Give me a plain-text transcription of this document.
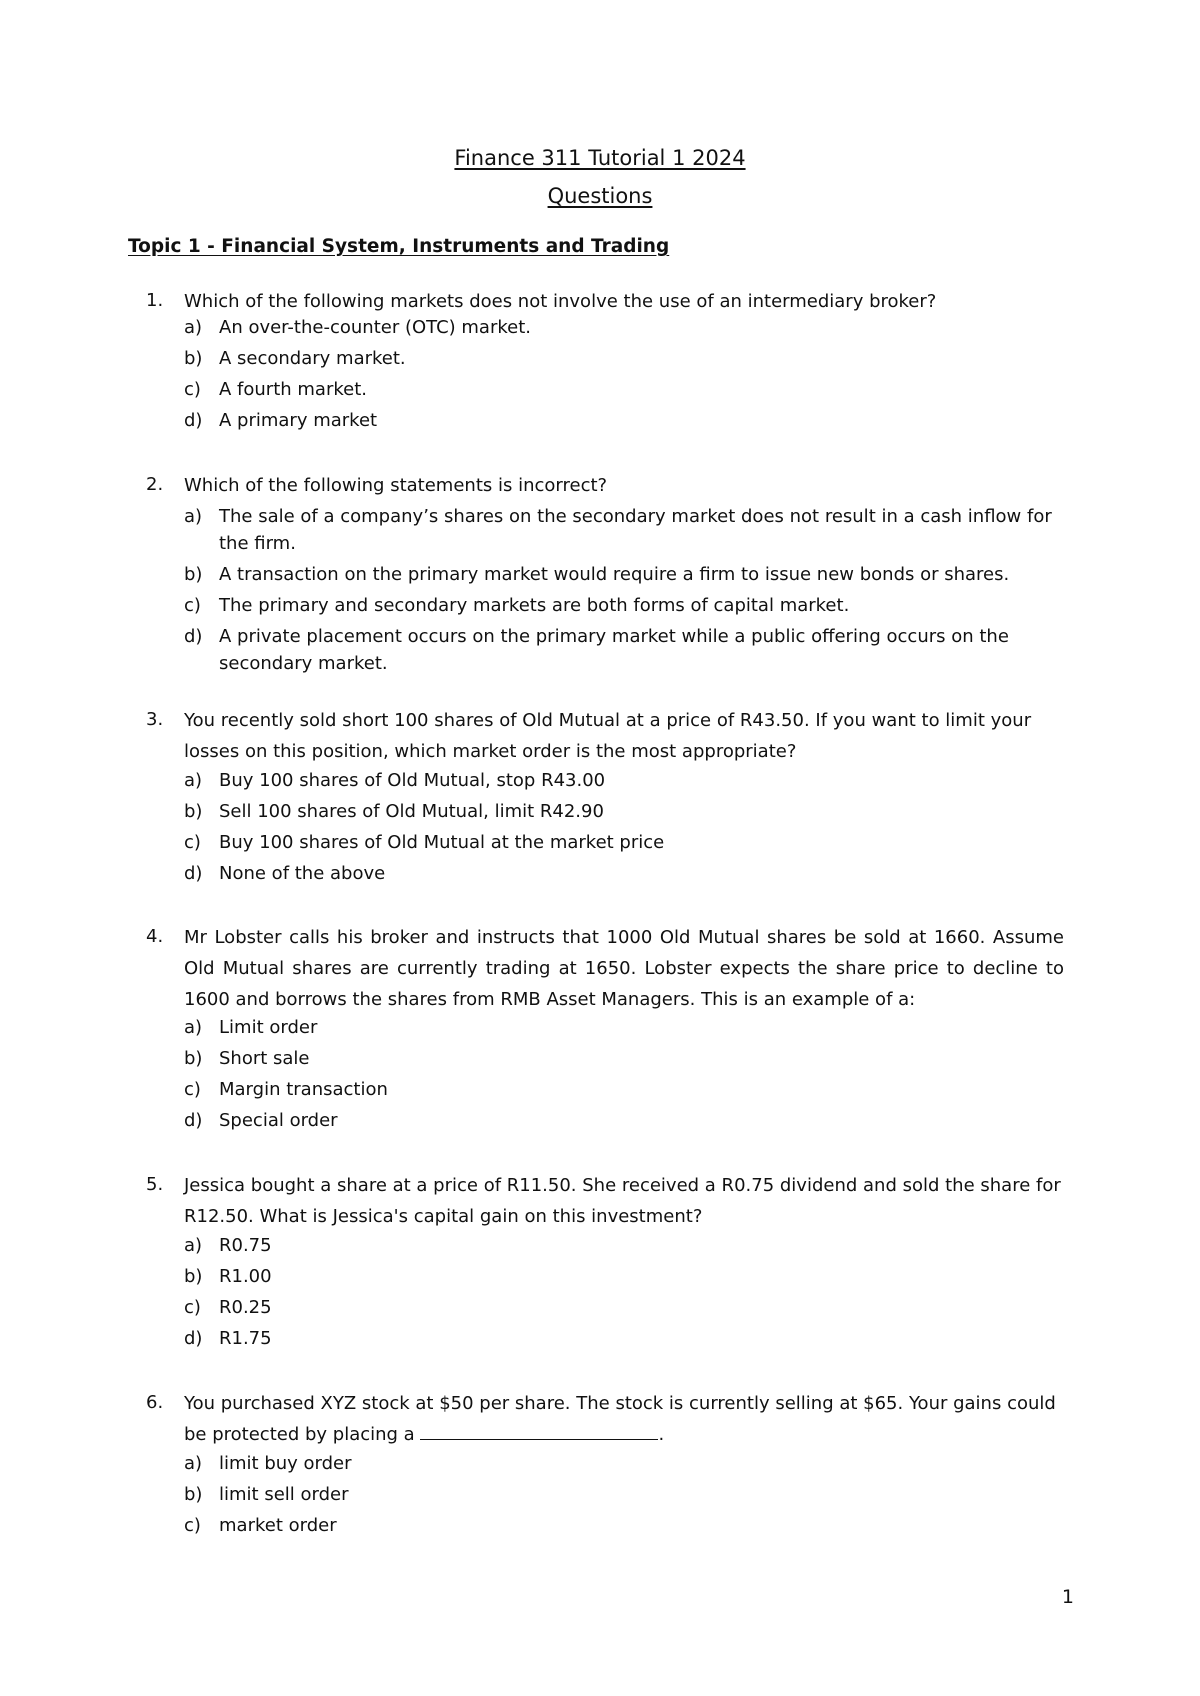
Finance 311 Tutorial 1 2024
Questions
Topic 1 - Financial System, Instruments and Trading
1. Which of the following markets does not involve the use of an intermediary broker?
a) An over-the-counter (OTC) market.
b) A secondary market.
c) A fourth market.
d) A primary market
2. Which of the following statements is incorrect?
a) The sale of a company’s shares on the secondary market does not result in a cash inflow for the firm.
b) A transaction on the primary market would require a firm to issue new bonds or shares.
c) The primary and secondary markets are both forms of capital market.
d) A private placement occurs on the primary market while a public offering occurs on the secondary market.
3. You recently sold short 100 shares of Old Mutual at a price of R43.50. If you want to limit your losses on this position, which market order is the most appropriate?
a) Buy 100 shares of Old Mutual, stop R43.00
b) Sell 100 shares of Old Mutual, limit R42.90
c) Buy 100 shares of Old Mutual at the market price
d) None of the above
4. Mr Lobster calls his broker and instructs that 1000 Old Mutual shares be sold at 1660. Assume Old Mutual shares are currently trading at 1650. Lobster expects the share price to decline to 1600 and borrows the shares from RMB Asset Managers. This is an example of a:
a) Limit order
b) Short sale
c) Margin transaction
d) Special order
5. Jessica bought a share at a price of R11.50. She received a R0.75 dividend and sold the share for R12.50. What is Jessica's capital gain on this investment?
a) R0.75
b) R1.00
c) R0.25
d) R1.75
6. You purchased XYZ stock at $50 per share. The stock is currently selling at $65. Your gains could be protected by placing a	.
a) limit buy order
b) limit sell order
c) market order
1
